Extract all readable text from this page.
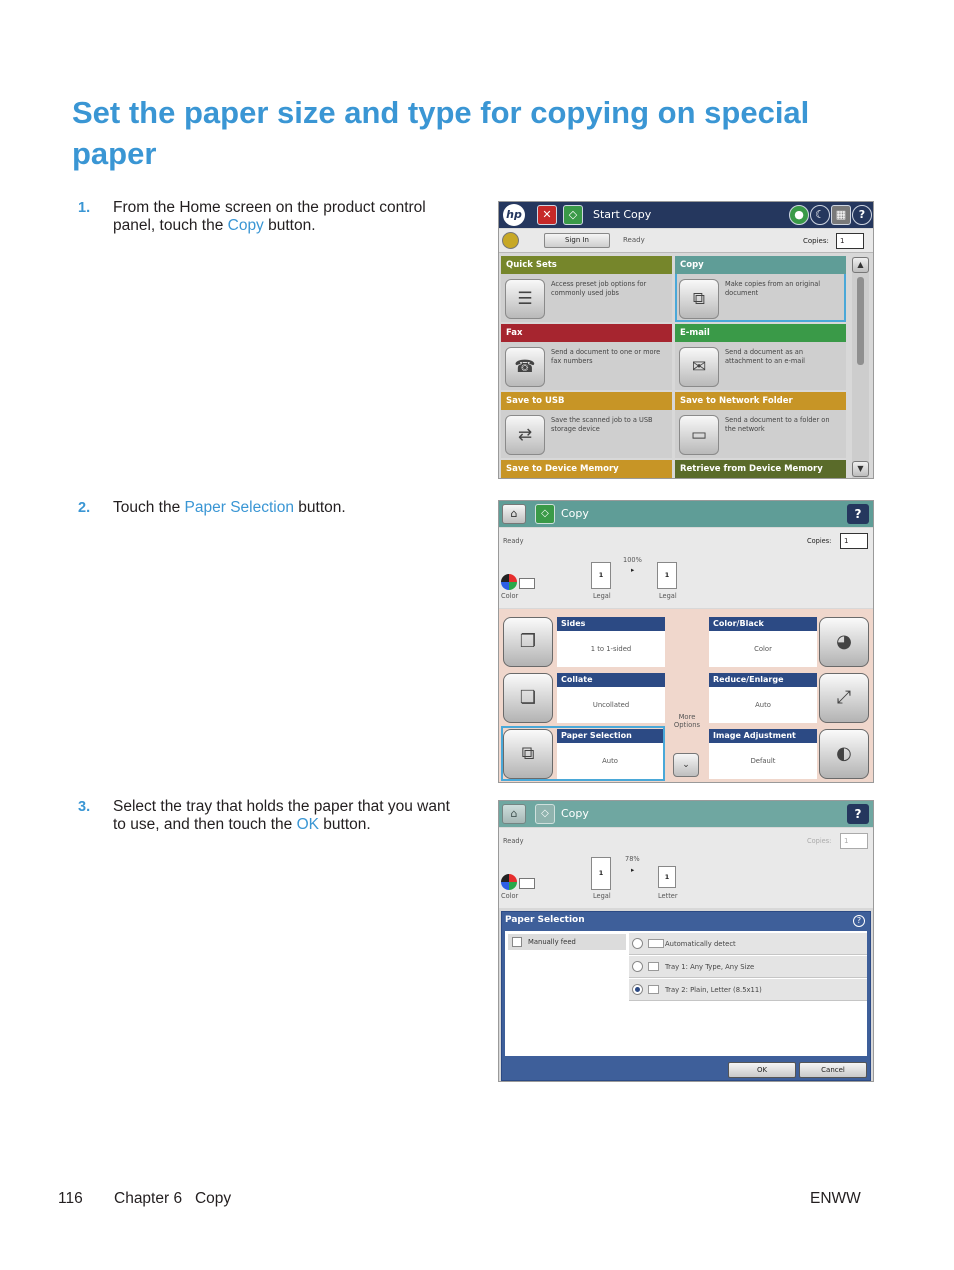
Set the paper size and type for copying on special paper
1. From the Home screen on the product control panel, touch the Copy button.
2. Touch the Paper Selection button.
3. Select the tray that holds the paper that you want to use, and then touch the OK button.
hp	✕	◇	Start Copy	●	☾ ▦	?
Sign In	Ready	Copies:	1
Quick Sets
☰
Access preset job options for commonly used jobs
Copy
⧉
Make copies from an original document
Fax
☎
Send a document to one or more fax numbers
E-mail
✉
Send a document as an attachment to an e-mail
Save to USB
⇄
Save the scanned job to a USB storage device
Save to Network Folder
▭
Send a document to a folder on the network
Save to Device Memory	Retrieve from Device Memory
▲
▼
⌂	◇	Copy	?
Ready	Copies:	1
100%
▸
1	1
Legal	Legal
Color
❐
Sides
1 to 1-sided
❏
Collate
Uncollated
⧉
Paper Selection
Auto
Color/Black
Color	◕
Reduce/Enlarge
Auto	⤢
Image Adjustment
Default	◐
More Options
⌄
⌂	◇	Copy	?
Ready	Copies:	1
78%
▸
1	1
Legal	Letter
Color
Paper Selection	?
Manually feed	Automatically detect
Tray 1: Any Type, Any Size
Tray 2: Plain, Letter (8.5x11)
OK	Cancel
116 Chapter 6   Copy	ENWW
